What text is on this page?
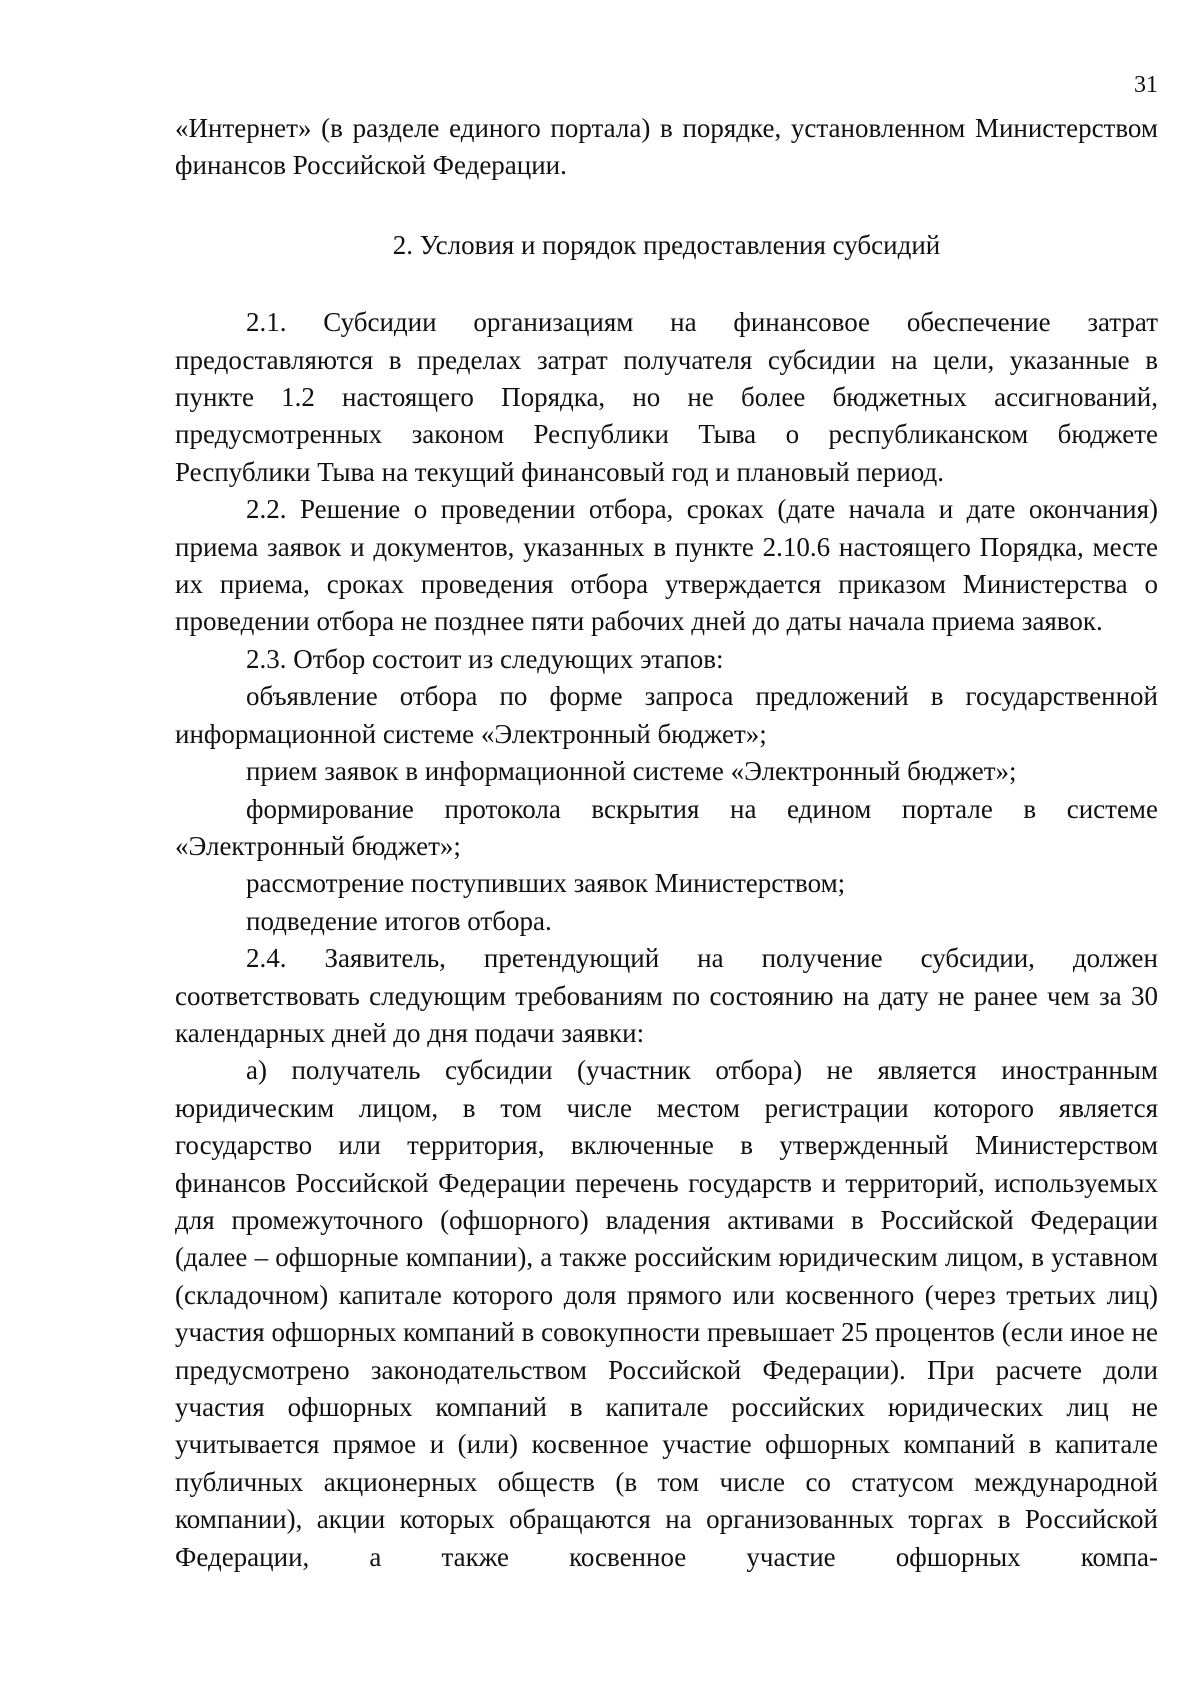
31

«Интернет» (в разделе единого портала) в порядке, установленном Министерством финансов Российской Федерации.

2. Условия и порядок предоставления субсидий

2.1. Субсидии организациям на финансовое обеспечение затрат предоставляются в пределах затрат получателя субсидии на цели, указанные в пункте 1.2 настоящего Порядка, но не более бюджетных ассигнований, предусмотренных законом Республики Тыва о республиканском бюджете Республики Тыва на текущий финансовый год и плановый период.

2.2. Решение о проведении отбора, сроках (дате начала и дате окончания) приема заявок и документов, указанных в пункте 2.10.6 настоящего Порядка, месте их приема, сроках проведения отбора утверждается приказом Министерства о проведении отбора не позднее пяти рабочих дней до даты начала приема заявок.

2.3. Отбор состоит из следующих этапов:

объявление отбора по форме запроса предложений в государственной информационной системе «Электронный бюджет»;

прием заявок в информационной системе «Электронный бюджет»;

формирование протокола вскрытия на едином портале в системе «Электронный бюджет»;

рассмотрение поступивших заявок Министерством;

подведение итогов отбора.

2.4. Заявитель, претендующий на получение субсидии, должен соответствовать следующим требованиям по состоянию на дату не ранее чем за 30 календарных дней до дня подачи заявки:

а) получатель субсидии (участник отбора) не является иностранным юридическим лицом, в том числе местом регистрации которого является государство или территория, включенные в утвержденный Министерством финансов Российской Федерации перечень государств и территорий, используемых для промежуточного (офшорного) владения активами в Российской Федерации (далее – офшорные компании), а также российским юридическим лицом, в уставном (складочном) капитале которого доля прямого или косвенного (через третьих лиц) участия офшорных компаний в совокупности превышает 25 процентов (если иное не предусмотрено законодательством Российской Федерации). При расчете доли участия офшорных компаний в капитале российских юридических лиц не учитывается прямое и (или) косвенное участие офшорных компаний в капитале публичных акционерных обществ (в том числе со статусом международной компании), акции которых обращаются на организованных торгах в Российской Федерации, а также косвенное участие офшорных компа-
